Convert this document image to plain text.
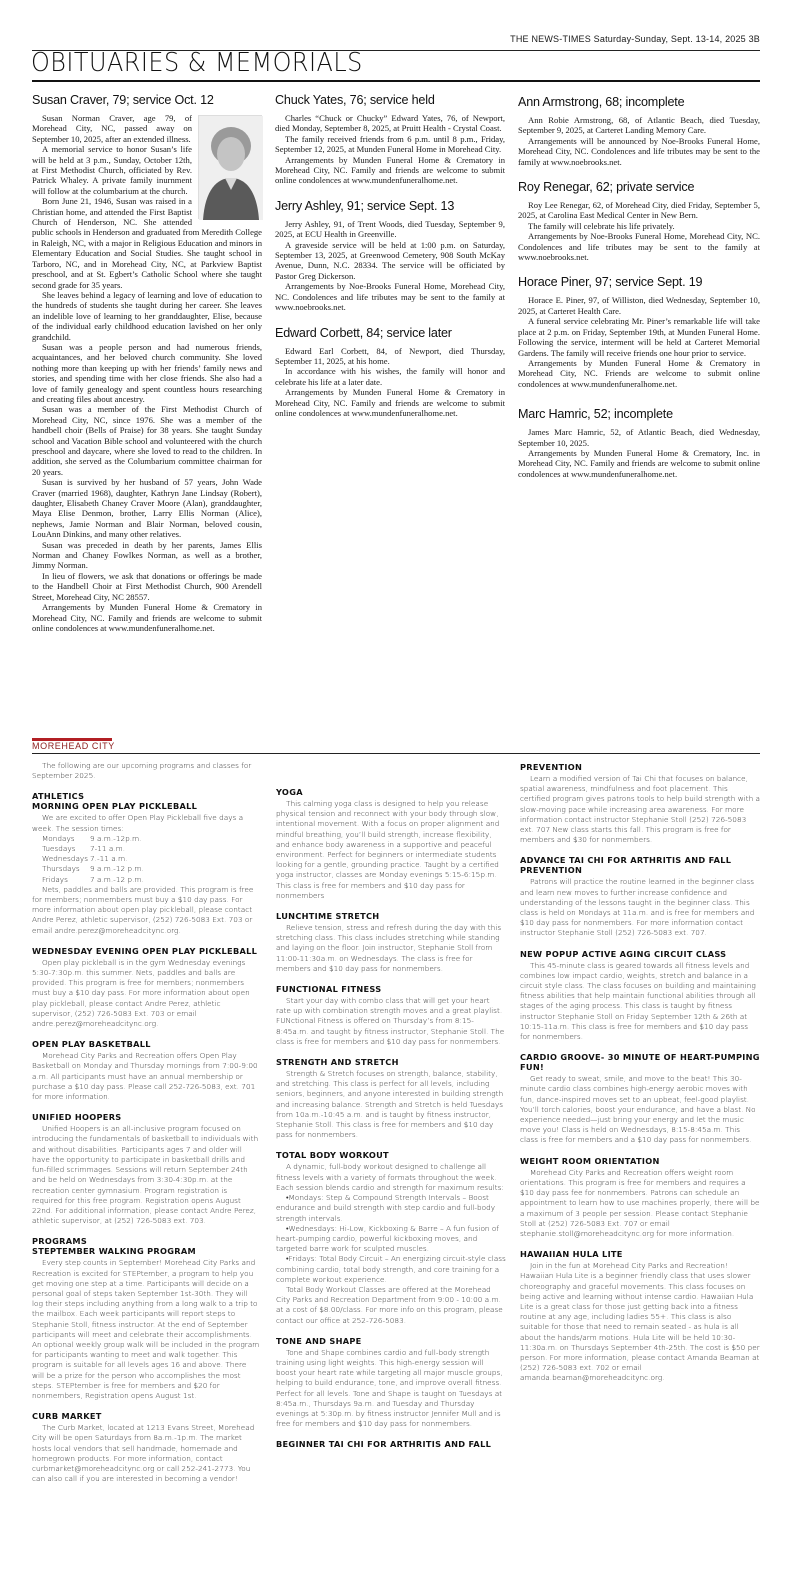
THE NEWS-TIMES Saturday-Sunday, Sept. 13-14, 2025 3B
OBITUARIES & MEMORIALS
Susan Craver, 79; service Oct. 12

Susan Norman Craver, age 79, of Morehead City, NC, passed away on September 10, 2025, after an extended illness.

A memorial service to honor Susan’s life will be held at 3 p.m., Sunday, October 12th, at First Methodist Church, officiated by Rev. Patrick Whaley. A private family inurnment will follow at the columbarium at the church.

Born June 21, 1946, Susan was raised in a Christian home, and attended the First Baptist Church of Henderson, NC. She attended public schools in Henderson and graduated from Meredith College in Raleigh, NC, with a major in Religious Education and minors in Elementary Education and Social Studies. She taught school in Tarboro, NC, and in Morehead City, NC, at Parkview Baptist preschool, and at St. Egbert’s Catholic School where she taught second grade for 35 years.

She leaves behind a legacy of learning and love of education to the hundreds of students she taught during her career. She leaves an indelible love of learning to her granddaughter, Elise, because of the individual early childhood education lavished on her only grandchild.

Susan was a people person and had numerous friends, acquaintances, and her beloved church community. She loved nothing more than keeping up with her friends’ family news and stories, and spending time with her close friends. She also had a love of family genealogy and spent countless hours researching and creating files about ancestry.

Susan was a member of the First Methodist Church of Morehead City, NC, since 1976. She was a member of the handbell choir (Bells of Praise) for 38 years. She taught Sunday school and Vacation Bible school and volunteered with the church preschool and daycare, where she loved to read to the children. In addition, she served as the Columbarium committee chairman for 20 years.

Susan is survived by her husband of 57 years, John Wade Craver (married 1968), daughter, Kathryn Jane Lindsay (Robert), daughter, Elisabeth Chaney Craver Moore (Alan), granddaughter, Maya Elise Denmon, brother, Larry Ellis Norman (Alice), nephews, Jamie Norman and Blair Norman, beloved cousin, LouAnn Dinkins, and many other relatives.

Susan was preceded in death by her parents, James Ellis Norman and Chaney Fowlkes Norman, as well as a brother, Jimmy Norman.

In lieu of flowers, we ask that donations or offerings be made to the Handbell Choir at First Methodist Church, 900 Arendell Street, Morehead City, NC 28557.

Arrangements by Munden Funeral Home & Crematory in Morehead City, NC. Family and friends are welcome to submit online condolences at www.mundenfuneralhome.net.

Chuck Yates, 76; service held

Charles “Chuck or Chucky” Edward Yates, 76, of Newport, died Monday, September 8, 2025, at Pruitt Health - Crystal Coast.

The family received friends from 6 p.m. until 8 p.m., Friday, September 12, 2025, at Munden Funeral Home in Morehead City.

Arrangements by Munden Funeral Home & Crematory in Morehead City, NC. Family and friends are welcome to submit online condolences at www.mundenfuneralhome.net.

Jerry Ashley, 91; service Sept. 13

Jerry Ashley, 91, of Trent Woods, died Tuesday, September 9, 2025, at ECU Health in Greenville.

A graveside service will be held at 1:00 p.m. on Saturday, September 13, 2025, at Greenwood Cemetery, 908 South McKay Avenue, Dunn, N.C. 28334. The service will be officiated by Pastor Greg Dickerson.

Arrangements by Noe-Brooks Funeral Home, Morehead City, NC. Condolences and life tributes may be sent to the family at www.noebrooks.net.

Edward Corbett, 84; service later

Edward Earl Corbett, 84, of Newport, died Thursday, September 11, 2025, at his home.

In accordance with his wishes, the family will honor and celebrate his life at a later date.

Arrangements by Munden Funeral Home & Crematory in Morehead City, NC. Family and friends are welcome to submit online condolences at www.mundenfuneralhome.net.

Ann Armstrong, 68; incomplete

Ann Robie Armstrong, 68, of Atlantic Beach, died Tuesday, September 9, 2025, at Carteret Landing Memory Care.

Arrangements will be announced by Noe-Brooks Funeral Home, Morehead City, NC. Condolences and life tributes may be sent to the family at www.noebrooks.net.

Roy Renegar, 62; private service

Roy Lee Renegar, 62, of Morehead City, died Friday, September 5, 2025, at Carolina East Medical Center in New Bern.

The family will celebrate his life privately.

Arrangements by Noe-Brooks Funeral Home, Morehead City, NC. Condolences and life tributes may be sent to the family at www.noebrooks.net.

Horace Piner, 97; service Sept. 19

Horace E. Piner, 97, of Williston, died Wednesday, September 10, 2025, at Carteret Health Care.

A funeral service celebrating Mr. Piner’s remarkable life will take place at 2 p.m. on Friday, September 19th, at Munden Funeral Home. Following the service, interment will be held at Carteret Memorial Gardens. The family will receive friends one hour prior to service.

Arrangements by Munden Funeral Home & Crematory in Morehead City, NC. Friends are welcome to submit online condolences at www.mundenfuneralhome.net.

Marc Hamric, 52; incomplete

James Marc Hamric, 52, of Atlantic Beach, died Wednesday, September 10, 2025.

Arrangements by Munden Funeral Home & Crematory, Inc. in Morehead City, NC. Family and friends are welcome to submit online condolences at www.mundenfuneralhome.net.

MOREHEAD CITY

The following are our upcoming programs and classes for September 2025.

ATHLETICS
MORNING OPEN PLAY PICKLEBALL

We are excited to offer Open Play Pickleball five days a week. The session times:

Mondays	9 a.m.-12p.m.
Tuesdays	7-11 a.m.
Wednesdays 7.-11 a.m.
Thursdays	9 a.m.-12 p.m.
Fridays	7 a.m.-12 p.m.

Nets, paddles and balls are provided. This program is free for members; nonmembers must buy a $10 day pass. For more information about open play pickleball, please contact Andre Perez, athletic supervisor, (252) 726-5083 Ext. 703 or email andre.perez@moreheadcitync.org.

WEDNESDAY EVENING OPEN PLAY PICKLEBALL

Open play pickleball is in the gym Wednesday evenings 5:30-7:30p.m. this summer. Nets, paddles and balls are provided. This program is free for members; nonmembers must buy a $10 day pass. For more information about open play pickleball, please contact Andre Perez, athletic supervisor, (252) 726-5083 Ext. 703 or email andre.perez@moreheadcitync.org.

OPEN PLAY BASKETBALL

Morehead City Parks and Recreation offers Open Play Basketball on Monday and Thursday mornings from 7:00-9:00 a.m. All participants must have an annual membership or purchase a $10 day pass. Please call 252-726-5083, ext. 701 for more information.

UNIFIED HOOPERS

Unified Hoopers is an all-inclusive program focused on introducing the fundamentals of basketball to individuals with and without disabilities. Participants ages 7 and older will have the opportunity to participate in basketball drills and fun-filled scrimmages. Sessions will return September 24th and be held on Wednesdays from 3:30-4:30p.m. at the recreation center gymnasium. Program registration is required for this free program. Registration opens August 22nd. For additional information, please contact Andre Perez, athletic supervisor, at (252) 726-5083 ext. 703.

PROGRAMS
STEPTEMBER WALKING PROGRAM

Every step counts in September! Morehead City Parks and Recreation is excited for STEPtember, a program to help you get moving one step at a time. Participants will decide on a personal goal of steps taken September 1st-30th. They will log their steps including anything from a long walk to a trip to the mailbox. Each week participants will report steps to Stephanie Stoll, fitness instructor. At the end of September participants will meet and celebrate their accomplishments. An optional weekly group walk will be included in the program for participants wanting to meet and walk together. This program is suitable for all levels ages 16 and above. There will be a prize for the person who accomplishes the most steps. STEPtember is free for members and $20 for nonmembers, Registration opens August 1st.

CURB MARKET

The Curb Market, located at 1213 Evans Street, Morehead City will be open Saturdays from 8a.m.-1p.m. The market hosts local vendors that sell handmade, homemade and homegrown products. For more information, contact curbmarket@moreheadcitync.org or call 252-241-2773. You can also call if you are interested in becoming a vendor!

YOGA

This calming yoga class is designed to help you release physical tension and reconnect with your body through slow, intentional movement. With a focus on proper alignment and mindful breathing, you’ll build strength, increase flexibility, and enhance body awareness in a supportive and peaceful environment. Perfect for beginners or intermediate students looking for a gentle, grounding practice. Taught by a certified yoga instructor, classes are Monday evenings 5:15-6:15p.m. This class is free for members and $10 day pass for nonmembers

LUNCHTIME STRETCH

Relieve tension, stress and refresh during the day with this stretching class. This class includes stretching while standing and laying on the floor. Join instructor, Stephanie Stoll from 11:00-11:30a.m. on Wednesdays. The class is free for members and $10 day pass for nonmembers.

FUNCTIONAL FITNESS

Start your day with combo class that will get your heart rate up with combination strength moves and a great playlist. FUNctional Fitness is offered on Thursday’s from 8:15-8:45a.m. and taught by fitness instructor, Stephanie Stoll. The class is free for members and $10 day pass for nonmembers.

STRENGTH AND STRETCH

Strength & Stretch focuses on strength, balance, stability, and stretching. This class is perfect for all levels, including seniors, beginners, and anyone interested in building strength and increasing balance. Strength and Stretch is held Tuesdays from 10a.m.-10:45 a.m. and is taught by fitness instructor, Stephanie Stoll. This class is free for members and $10 day pass for nonmembers.

TOTAL BODY WORKOUT

A dynamic, full-body workout designed to challenge all fitness levels with a variety of formats throughout the week. Each session blends cardio and strength for maximum results:

•Mondays: Step & Compound Strength Intervals – Boost endurance and build strength with step cardio and full-body strength intervals.

•Wednesdays: Hi-Low, Kickboxing & Barre – A fun fusion of heart-pumping cardio, powerful kickboxing moves, and targeted barre work for sculpted muscles.

•Fridays: Total Body Circuit – An energizing circuit-style class combining cardio, total body strength, and core training for a complete workout experience.

Total Body Workout Classes are offered at the Morehead City Parks and Recreation Department from 9:00 - 10:00 a.m. at a cost of $8.00/class. For more info on this program, please contact our office at 252-726-5083.

TONE AND SHAPE

Tone and Shape combines cardio and full-body strength training using light weights. This high-energy session will boost your heart rate while targeting all major muscle groups, helping to build endurance, tone, and improve overall fitness. Perfect for all levels. Tone and Shape is taught on Tuesdays at 8:45a.m., Thursdays 9a.m. and Tuesday and Thursday evenings at 5:30p.m. by fitness instructor Jennifer Mull and is free for members and $10 day pass for nonmembers.

BEGINNER TAI CHI FOR ARTHRITIS AND FALL
PREVENTION

Learn a modified version of Tai Chi that focuses on balance, spatial awareness, mindfulness and foot placement. This certified program gives patrons tools to help build strength with a slow-moving pace while increasing area awareness. For more information contact instructor Stephanie Stoll (252) 726-5083 ext. 707 New class starts this fall. This program is free for members and $30 for nonmembers.

ADVANCE TAI CHI FOR ARTHRITIS AND FALL PREVENTION

Patrons will practice the routine learned in the beginner class and learn new moves to further increase confidence and understanding of the lessons taught in the beginner class. This class is held on Mondays at 11a.m. and is free for members and $10 day pass for nonmembers. For more information contact instructor Stephanie Stoll (252) 726-5083 ext. 707.

NEW POPUP ACTIVE AGING CIRCUIT CLASS

This 45-minute class is geared towards all fitness levels and combines low impact cardio, weights, stretch and balance in a circuit style class. The class focuses on building and maintaining fitness abilities that help maintain functional abilities through all stages of the aging process. This class is taught by fitness instructor Stephanie Stoll on Friday September 12th & 26th at 10:15-11a.m. This class is free for members and $10 day pass for nonmembers.

CARDIO GROOVE- 30 MINUTE OF HEART-PUMPING FUN!

Get ready to sweat, smile, and move to the beat! This 30-minute cardio class combines high-energy aerobic moves with fun, dance-inspired moves set to an upbeat, feel-good playlist. You’ll torch calories, boost your endurance, and have a blast. No experience needed—just bring your energy and let the music move you! Class is held on Wednesdays, 8:15-8:45a.m. This class is free for members and a $10 day pass for nonmembers.

WEIGHT ROOM ORIENTATION

Morehead City Parks and Recreation offers weight room orientations. This program is free for members and requires a $10 day pass fee for nonmembers. Patrons can schedule an appointment to learn how to use machines properly, there will be a maximum of 3 people per session. Please contact Stephanie Stoll at (252) 726-5083 Ext. 707 or email stephanie.stoll@moreheadcitync.org for more information.

HAWAIIAN HULA LITE

Join in the fun at Morehead City Parks and Recreation! Hawaiian Hula Lite is a beginner friendly class that uses slower choreography and graceful movements. This class focuses on being active and learning without intense cardio. Hawaiian Hula Lite is a great class for those just getting back into a fitness routine at any age, including ladies 55+. This class is also suitable for those that need to remain seated - as hula is all about the hands/arm motions. Hula Lite will be held 10:30-11:30a.m. on Thursdays September 4th-25th. The cost is $50 per person. For more information, please contact Amanda Beaman at (252) 726-5083 ext. 702 or email amanda.beaman@moreheadcitync.org.
